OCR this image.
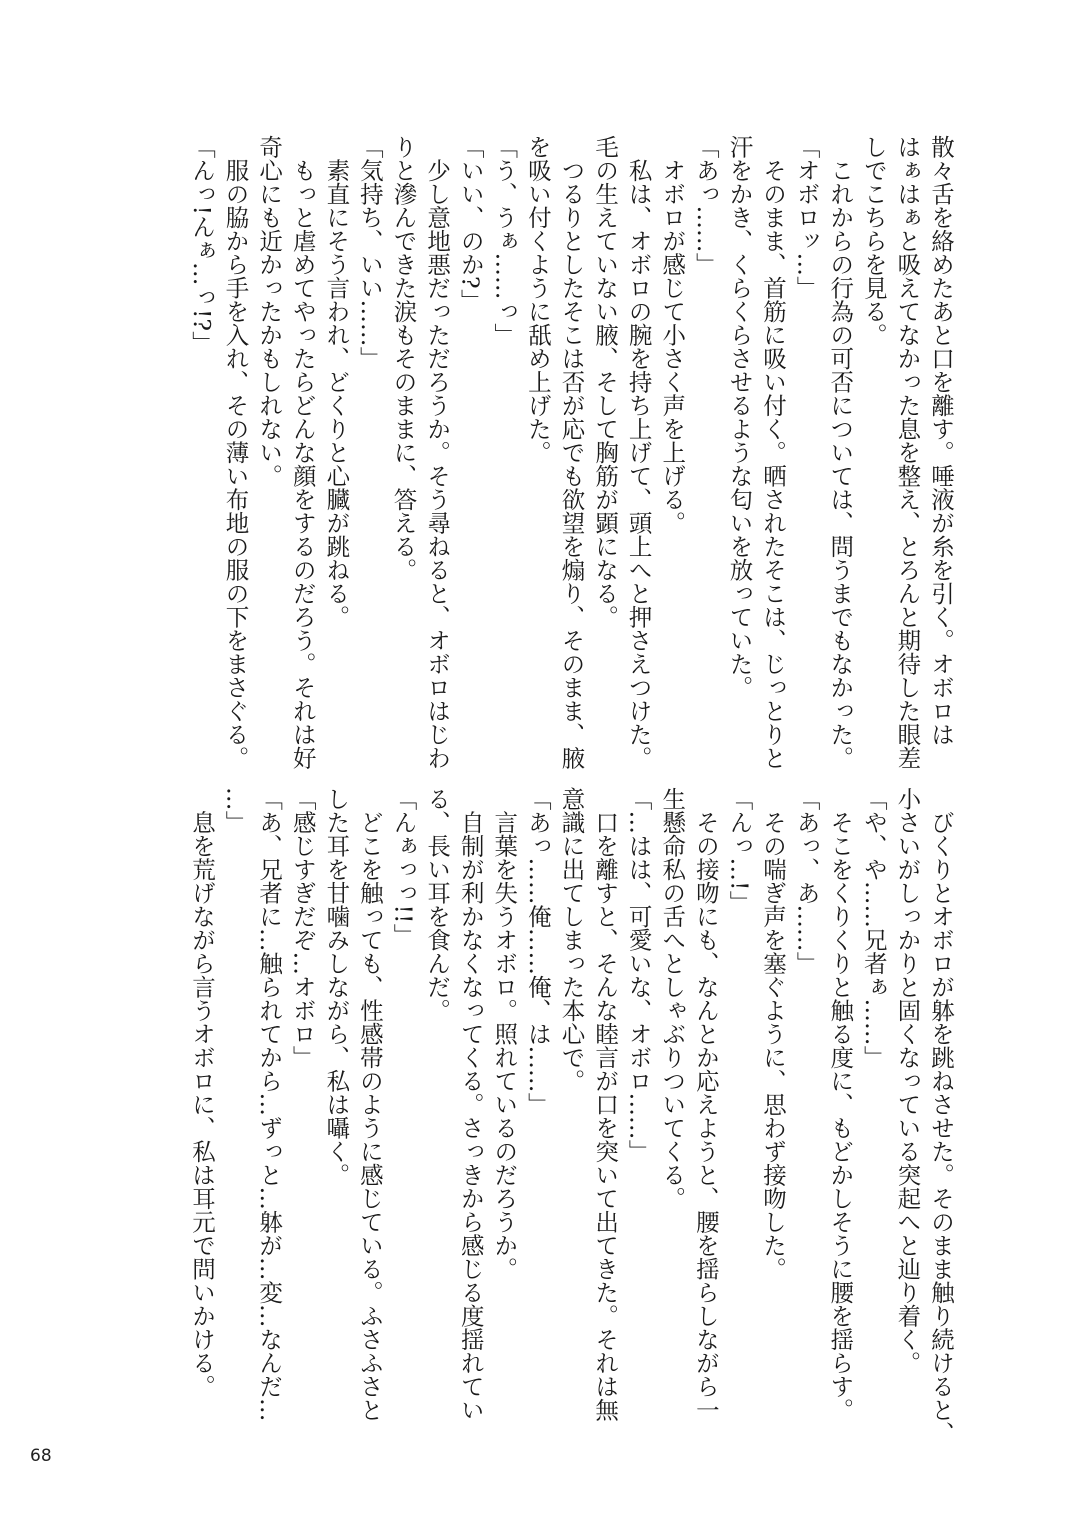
散々舌を絡めたあと口を離す。唾液が糸を引く。オボロは
はぁはぁと吸えてなかった息を整え、とろんと期待した眼差
しでこちらを見る。
　これからの行為の可否については、問うまでもなかった。
「オボロッ…」
　そのまま、首筋に吸い付く。晒されたそこは、じっとりと
汗をかき、くらくらさせるような匂いを放っていた。
「あっ……」
　オボロが感じて小さく声を上げる。
　私は、オボロの腕を持ち上げて、頭上へと押さえつけた。
毛の生えていない腋、そして胸筋が顕になる。
　つるりとしたそこは否が応でも欲望を煽り、そのまま、腋
を吸い付くように舐め上げた。
「う、うぁ……っ」
「いい、のか?」
　少し意地悪だっただろうか。そう尋ねると、オボロはじわ
りと滲んできた涙もそのままに、答える。
「気持ち、いい……」
　素直にそう言われ、どくりと心臓が跳ねる。
　もっと虐めてやったらどんな顔をするのだろう。それは好
奇心にも近かったかもしれない。
　服の脇から手を入れ、その薄い布地の服の下をまさぐる。
「んっ!んぁ…っ!?」
　びくりとオボロが躰を跳ねさせた。そのまま触り続けると、
小さいがしっかりと固くなっている突起へと辿り着く。
「や、や……兄者ぁ……」
　そこをくりくりと触る度に、もどかしそうに腰を揺らす。
「あっ、あ……」
　その喘ぎ声を塞ぐように、思わず接吻した。
「んっ…!」
　その接吻にも、なんとか応えようと、腰を揺らしながら一
生懸命私の舌へとしゃぶりついてくる。
「…はは、可愛いな、オボロ……」
　口を離すと、そんな睦言が口を突いて出てきた。それは無
意識に出てしまった本心で。
「あっ……俺……俺、は……」
　言葉を失うオボロ。照れているのだろうか。
　自制が利かなくなってくる。さっきから感じる度揺れてい
る、長い耳を食んだ。
「んぁっっ!!」
　どこを触っても、性感帯のように感じている。ふさふさと
した耳を甘噛みしながら、私は囁く。
「感じすぎだぞ…オボロ」
「あ、兄者に…触られてから…ずっと…躰が…変…なんだ…
…」
　息を荒げながら言うオボロに、私は耳元で問いかける。
68
